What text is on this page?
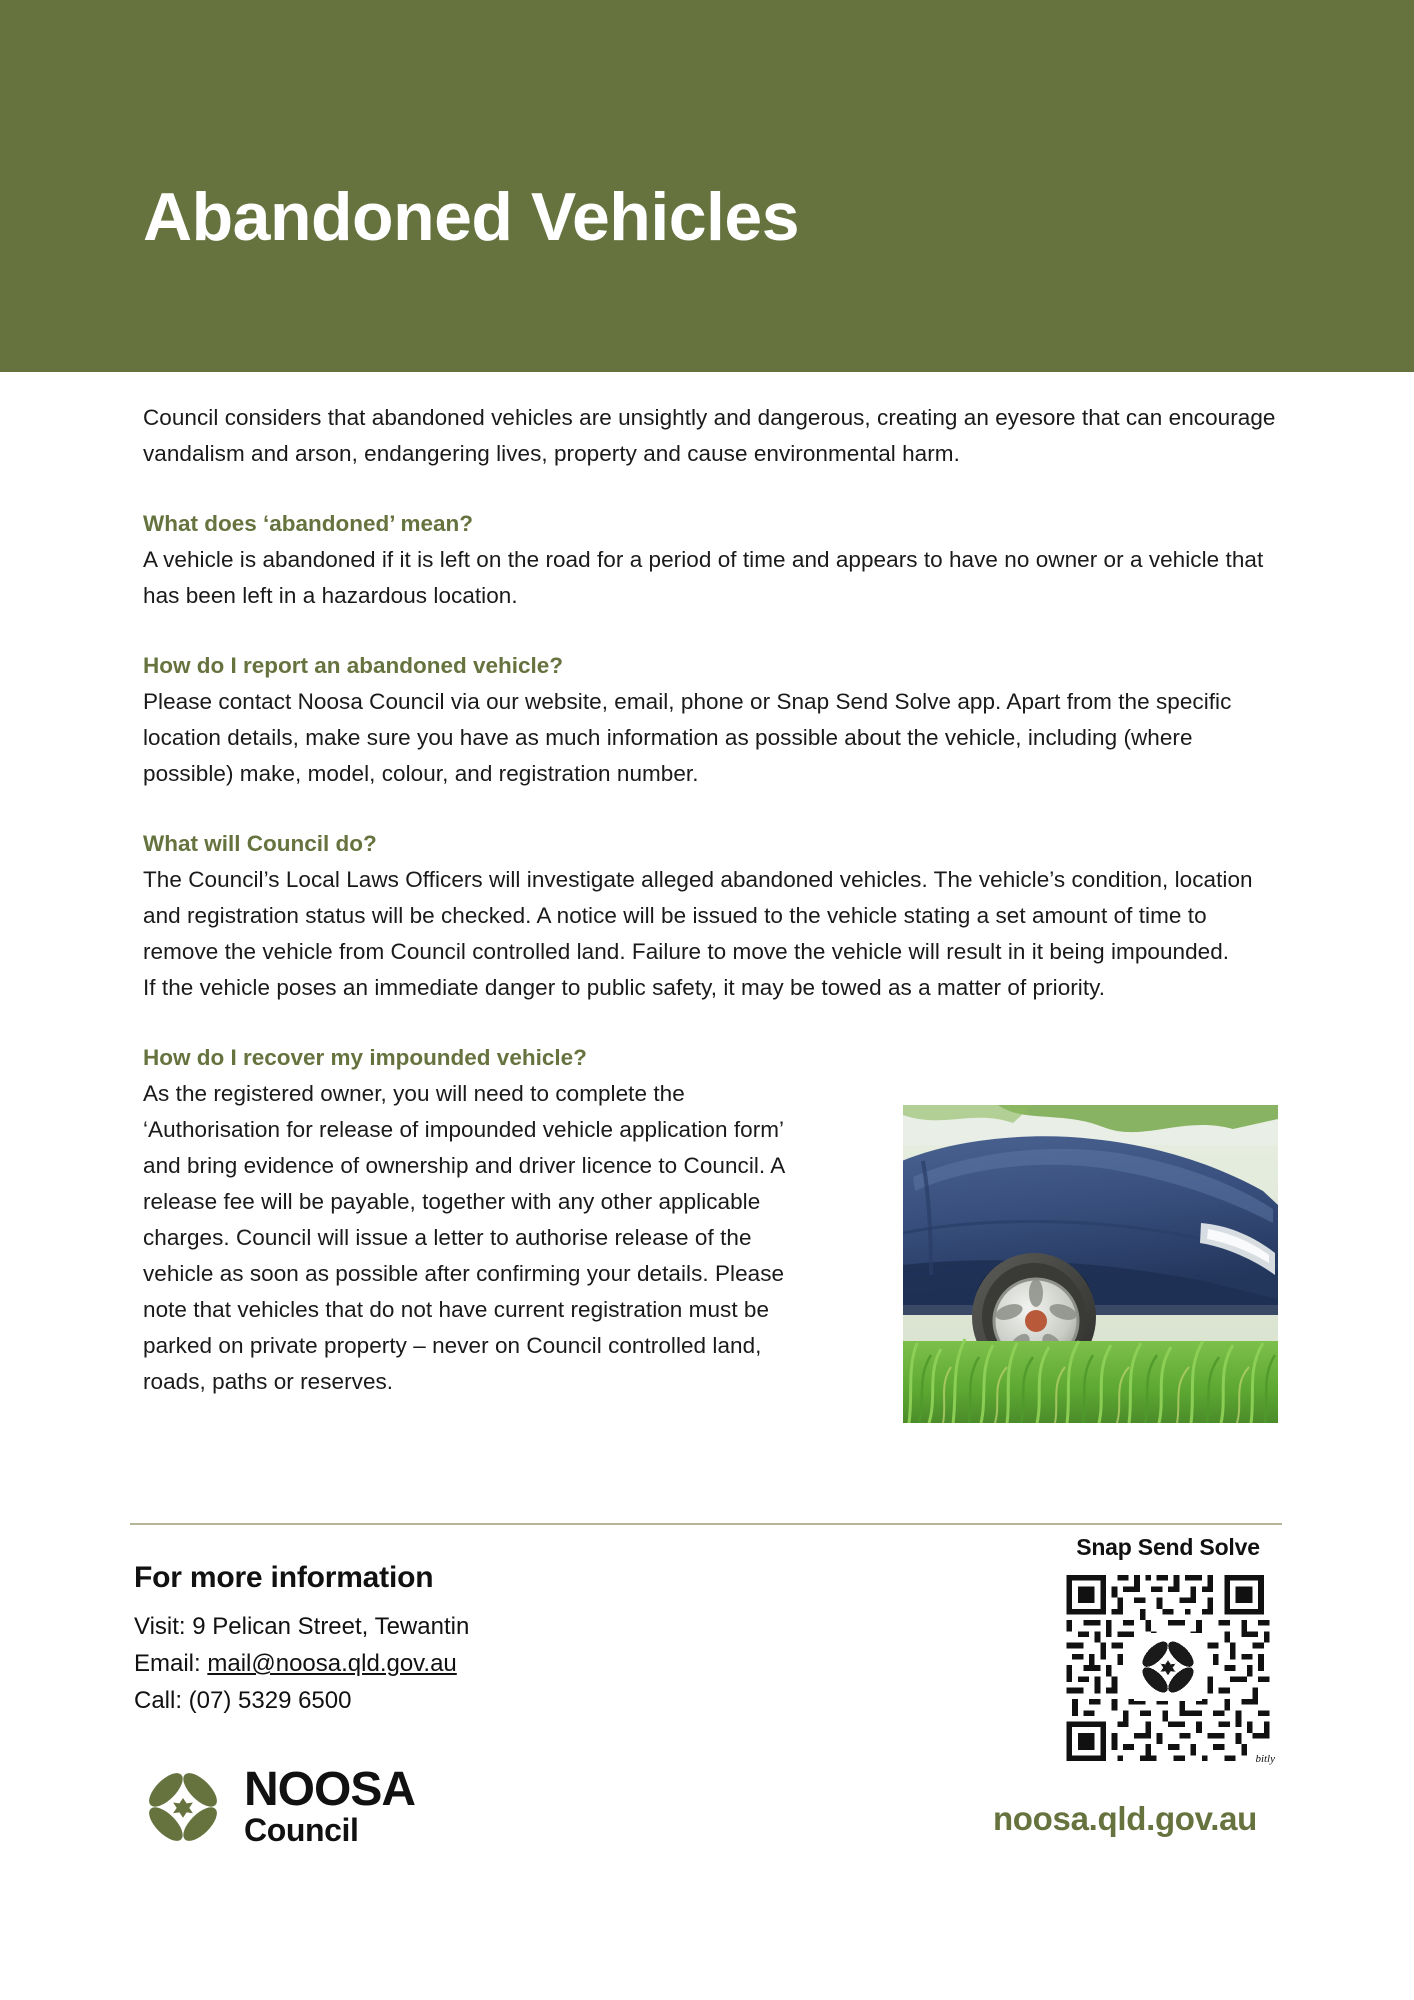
Abandoned Vehicles

Council considers that abandoned vehicles are unsightly and dangerous, creating an eyesore that can encourage vandalism and arson, endangering lives, property and cause environmental harm.

What does ‘abandoned’ mean?

A vehicle is abandoned if it is left on the road for a period of time and appears to have no owner or a vehicle that has been left in a hazardous location.

How do I report an abandoned vehicle?

Please contact Noosa Council via our website, email, phone or Snap Send Solve app. Apart from the specific location details, make sure you have as much information as possible about the vehicle, including (where possible) make, model, colour, and registration number.

What will Council do?

The Council’s Local Laws Officers will investigate alleged abandoned vehicles. The vehicle’s condition, location and registration status will be checked. A notice will be issued to the vehicle stating a set amount of time to remove the vehicle from Council controlled land. Failure to move the vehicle will result in it being impounded.

If the vehicle poses an immediate danger to public safety, it may be towed as a matter of priority.

How do I recover my impounded vehicle?

As the registered owner, you will need to complete the ‘Authorisation for release of impounded vehicle application form’ and bring evidence of ownership and driver licence to Council. A release fee will be payable, together with any other applicable charges. Council will issue a letter to authorise release of the vehicle as soon as possible after confirming your details. Please note that vehicles that do not have current registration must be parked on private property – never on Council controlled land, roads, paths or reserves.

For more information
Visit: 9 Pelican Street, Tewantin
Email: mail@noosa.qld.gov.au
Call: (07) 5329 6500
NOOSA
Council
Snap Send Solve
bitly
noosa.qld.gov.au
